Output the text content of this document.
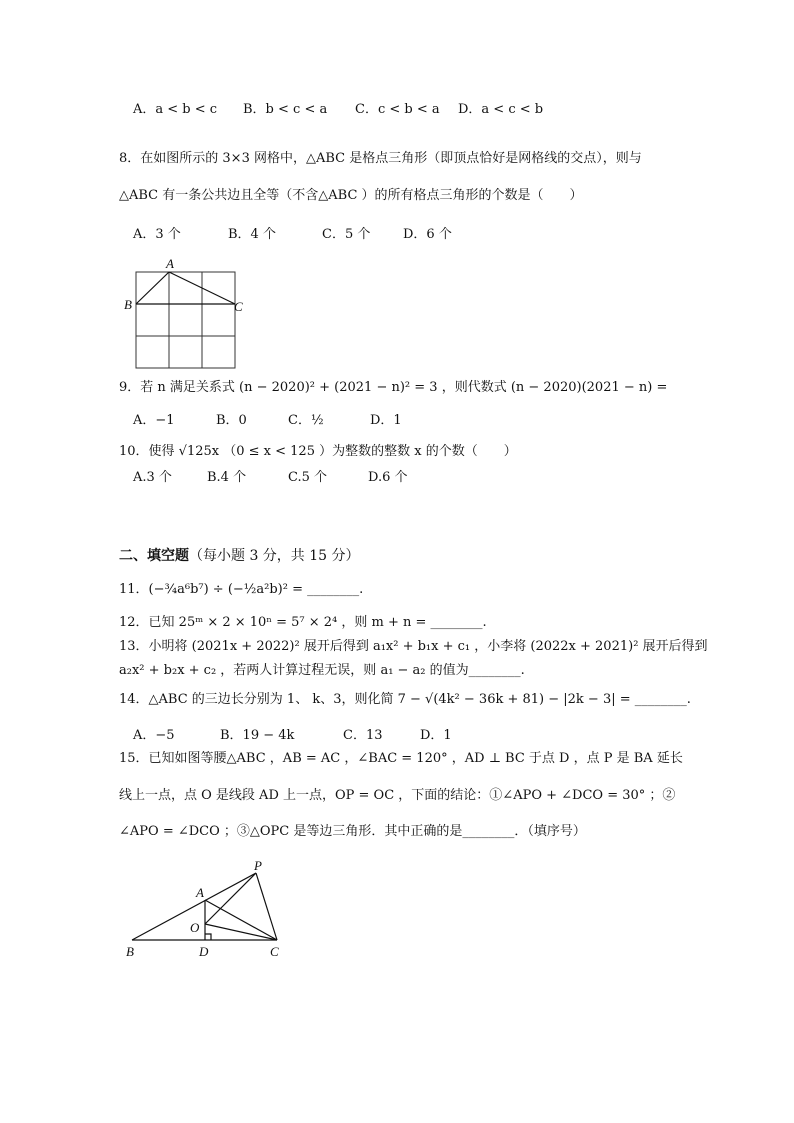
A．a < b < c B．b < c < a C．c < b < a D．a < c < b
8．在如图所示的 3×3 网格中，△ABC 是格点三角形（即顶点恰好是网格线的交点），则与
△ABC 有一条公共边且全等（不含△ABC ）的所有格点三角形的个数是（　　）
A．3 个	B．4 个	C．5 个	D．6 个
A
B	C
9．若 n 满足关系式 (n − 2020)² + (2021 − n)² = 3 ，则代数式 (n − 2020)(2021 − n) =
A．−1	B．0	C．½	D．1
10．使得 √125x （0 ≤ x < 125 ）为整数的整数 x 的个数（　　）
A.3 个	B.4 个	C.5 个	D.6 个
二、填空题（每小题 3 分，共 15 分）
11．(−¾a⁶b⁷) ÷ (−½a²b)² = ________.
12．已知 25ᵐ × 2 × 10ⁿ = 5⁷ × 2⁴ ，则 m + n = ________.
13．小明将 (2021x + 2022)² 展开后得到 a₁x² + b₁x + c₁ ，小李将 (2022x + 2021)² 展开后得到
a₂x² + b₂x + c₂ ，若两人计算过程无误，则 a₁ − a₂ 的值为________.
14．△ABC 的三边长分别为 1、 k、3，则化简 7 − √(4k² − 36k + 81) − |2k − 3| = ________.
A．−5	B．19 − 4k	C．13	D．1
15．已知如图等腰△ABC ，AB = AC ，∠BAC = 120° ，AD ⊥ BC 于点 D ，点 P 是 BA 延长
线上一点，点 O 是线段 AD 上一点，OP = OC ，下面的结论：①∠APO + ∠DCO = 30° ；②
∠APO = ∠DCO ；③△OPC 是等边三角形．其中正确的是________．（填序号）
P
A
O
B	D	C
